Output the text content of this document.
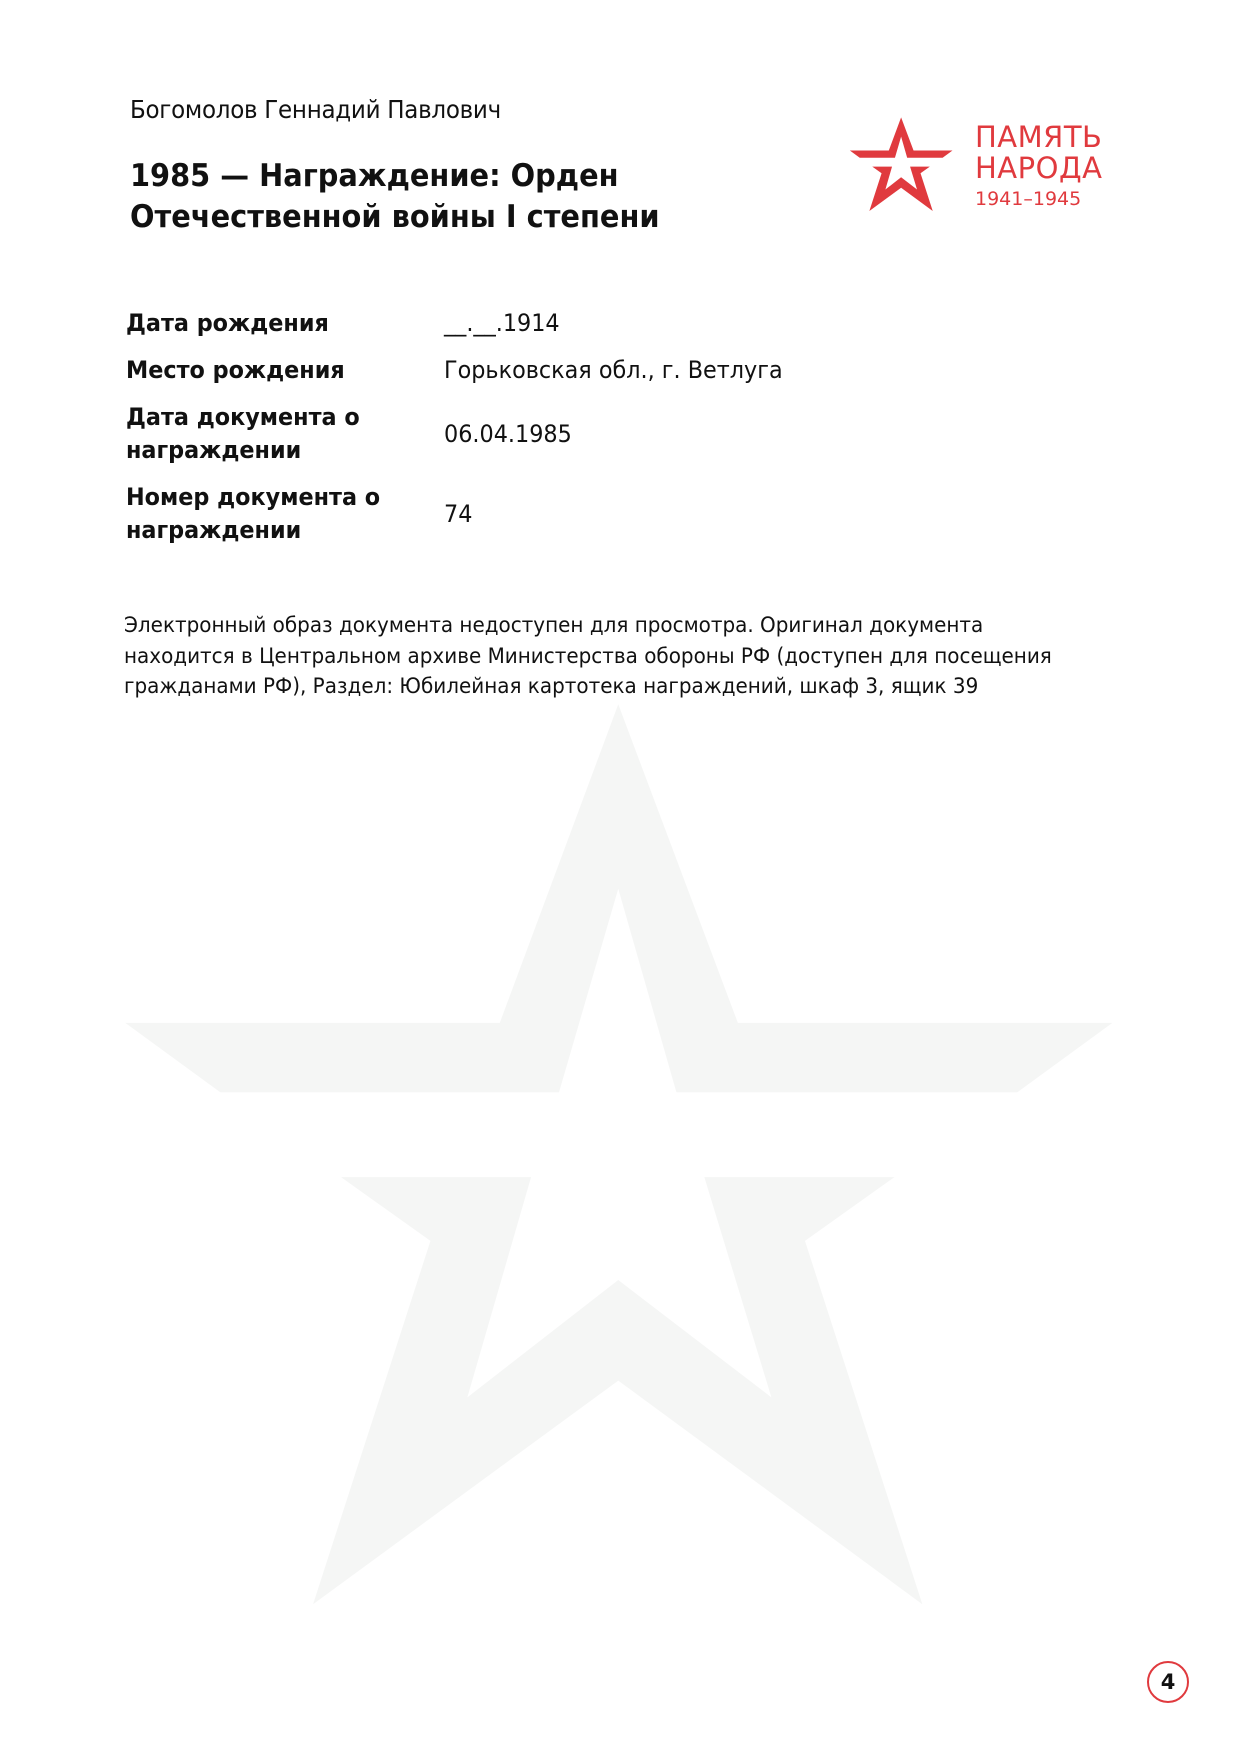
Богомолов Геннадий Павлович
1985 — Награждение: Орден
Отечественной войны I степени
ПАМЯТЬ
НАРОДА
1941–1945
Дата рождения	__.__.1914
Место рождения	Горьковская обл., г. Ветлуга
Дата документа о награждении	06.04.1985
Номер документа о награждении	74
Электронный образ документа недоступен для просмотра. Оригинал документа находится в Центральном архиве Министерства обороны РФ (доступен для посещения гражданами РФ), Раздел: Юбилейная картотека награждений, шкаф 3, ящик 39
4
